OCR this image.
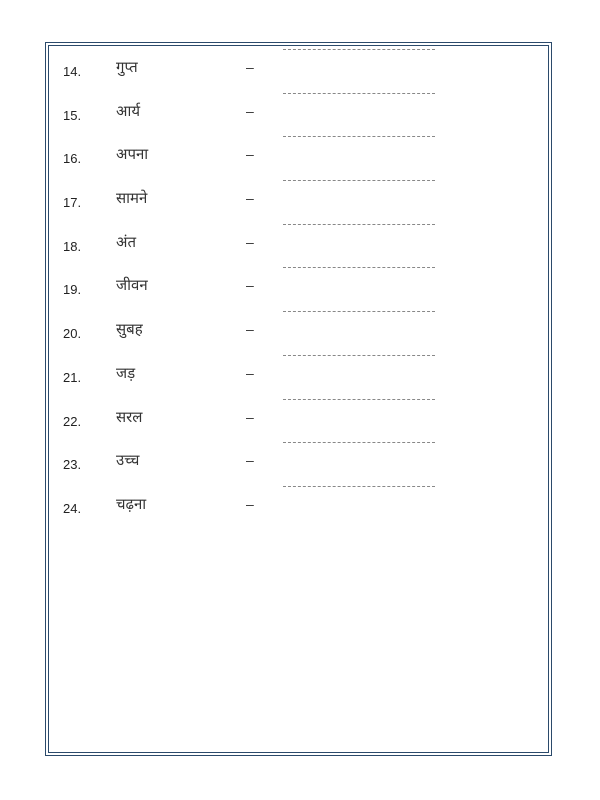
14. गुप्त	–
15. आर्य	–
16. अपना	–
17. सामने	–
18. अंत	–
19. जीवन	–
20. सुबह	–
21. जड़	–
22. सरल	–
23. उच्च	–
24. चढ़ना	–
